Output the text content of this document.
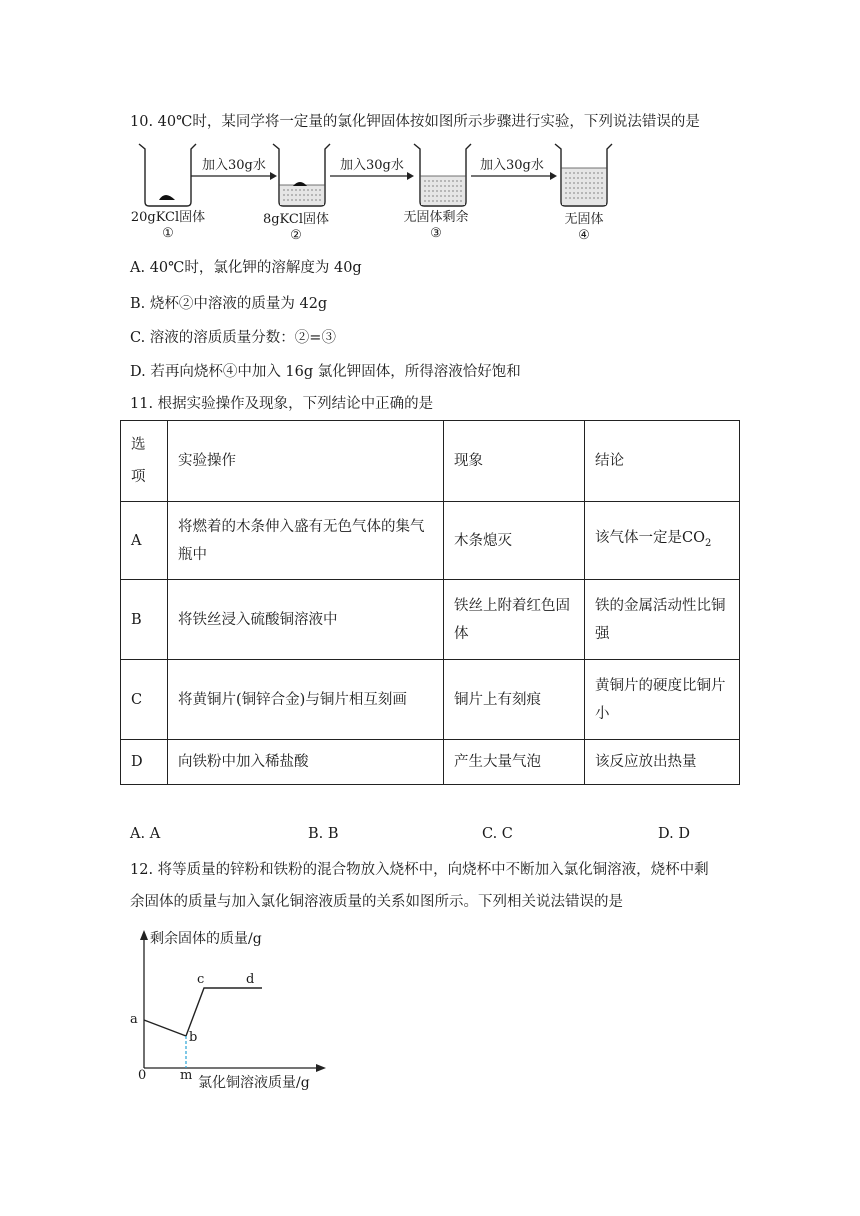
10. 40℃时，某同学将一定量的氯化钾固体按如图所示步骤进行实验，下列说法错误的是
加入30g水	加入30g水	加入30g水
20gKCl固体
①
8gKCl固体
②
无固体剩余
③
无固体
④
A. 40℃时，氯化钾的溶解度为 40g
B. 烧杯②中溶液的质量为 42g
C. 溶液的溶质质量分数：②=③
D. 若再向烧杯④中加入 16g 氯化钾固体，所得溶液恰好饱和
11. 根据实验操作及现象，下列结论中正确的是
选项	实验操作	现象	结论
A	将燃着的木条伸入盛有无色气体的集气瓶中	木条熄灭	该气体一定是$CO_2$
B	将铁丝浸入硫酸铜溶液中	铁丝上附着红色固体	铁的金属活动性比铜强
C	将黄铜片(铜锌合金)与铜片相互刻画	铜片上有刻痕	黄铜片的硬度比铜片小
D	向铁粉中加入稀盐酸	产生大量气泡	该反应放出热量
A. A	B. B	C. C	D. D
12. 将等质量的锌粉和铁粉的混合物放入烧杯中，向烧杯中不断加入氯化铜溶液，烧杯中剩
余固体的质量与加入氯化铜溶液质量的关系如图所示。下列相关说法错误的是
剩余固体的质量/g
氯化铜溶液质量/g
0	m
a
b
c	d
